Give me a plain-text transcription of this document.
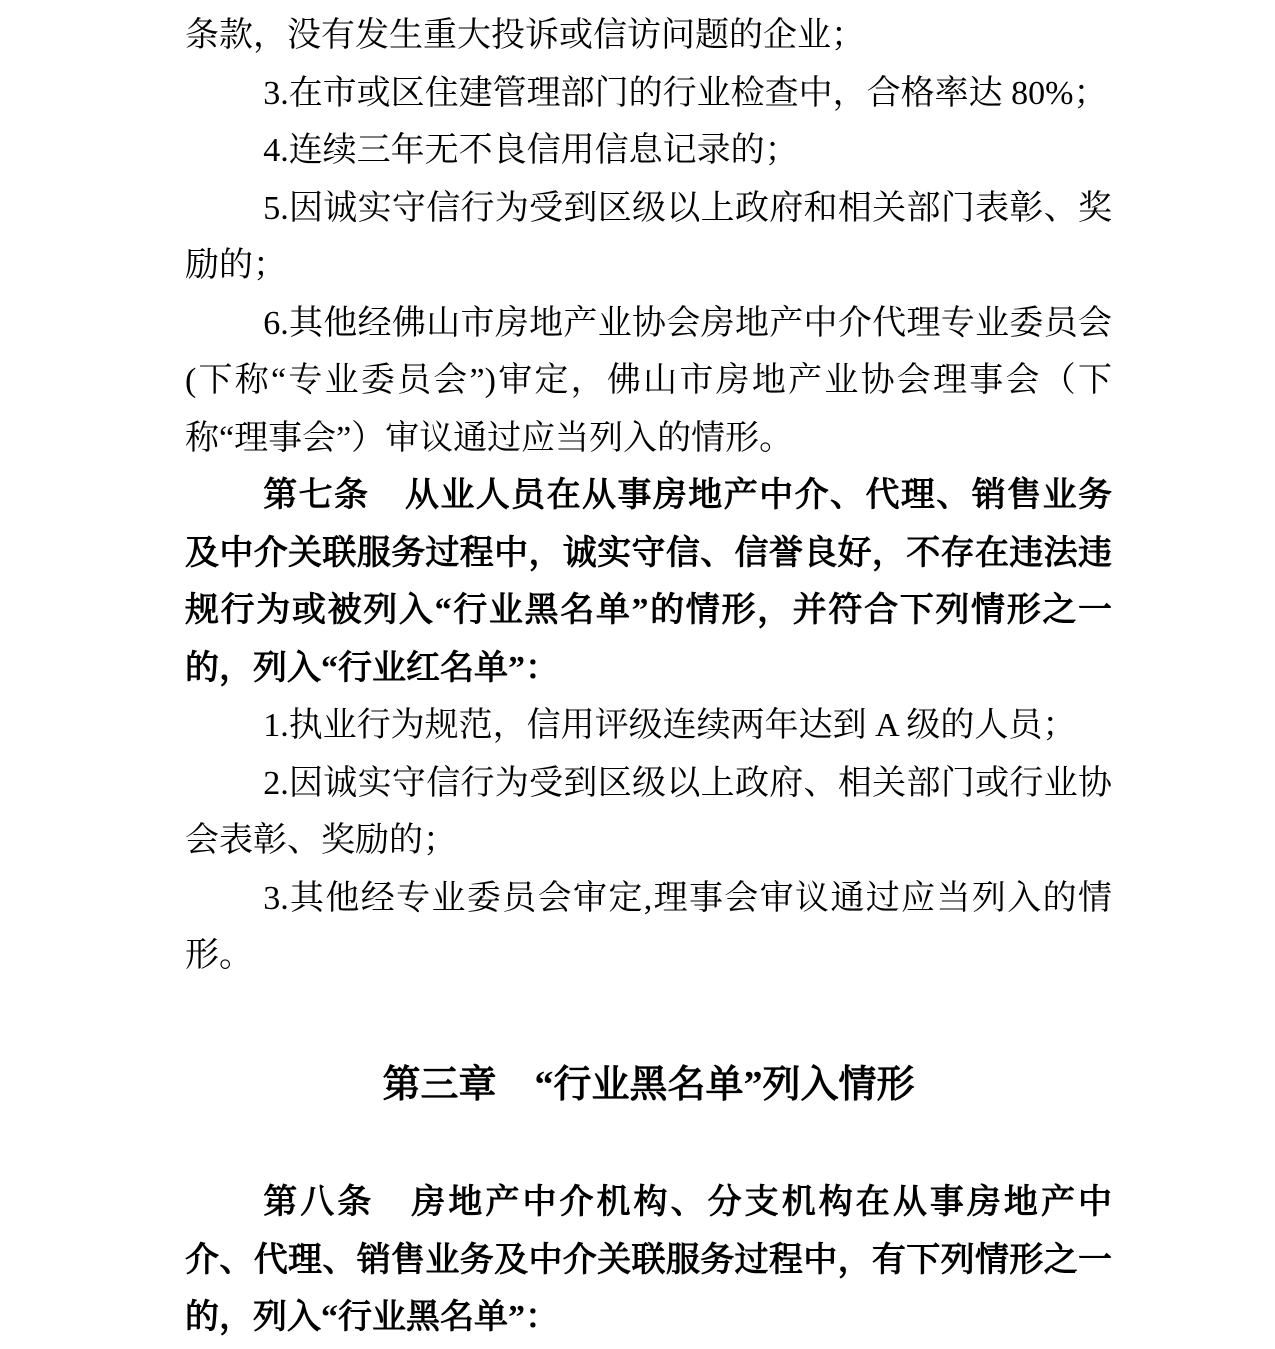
条款，没有发生重大投诉或信访问题的企业；

3.在市或区住建管理部门的行业检查中，合格率达 80%；

4.连续三年无不良信用信息记录的；

5.因诚实守信行为受到区级以上政府和相关部门表彰、奖励的；

6.其他经佛山市房地产业协会房地产中介代理专业委员会(下称“专业委员会”)审定，佛山市房地产业协会理事会（下称“理事会”）审议通过应当列入的情形。

第七条　从业人员在从事房地产中介、代理、销售业务及中介关联服务过程中，诚实守信、信誉良好，不存在违法违规行为或被列入“行业黑名单”的情形，并符合下列情形之一的，列入“行业红名单”：

1.执业行为规范，信用评级连续两年达到 A 级的人员；

2.因诚实守信行为受到区级以上政府、相关部门或行业协会表彰、奖励的；

3.其他经专业委员会审定,理事会审议通过应当列入的情形。

第三章　“行业黑名单”列入情形

第八条　房地产中介机构、分支机构在从事房地产中介、代理、销售业务及中介关联服务过程中，有下列情形之一的，列入“行业黑名单”：
